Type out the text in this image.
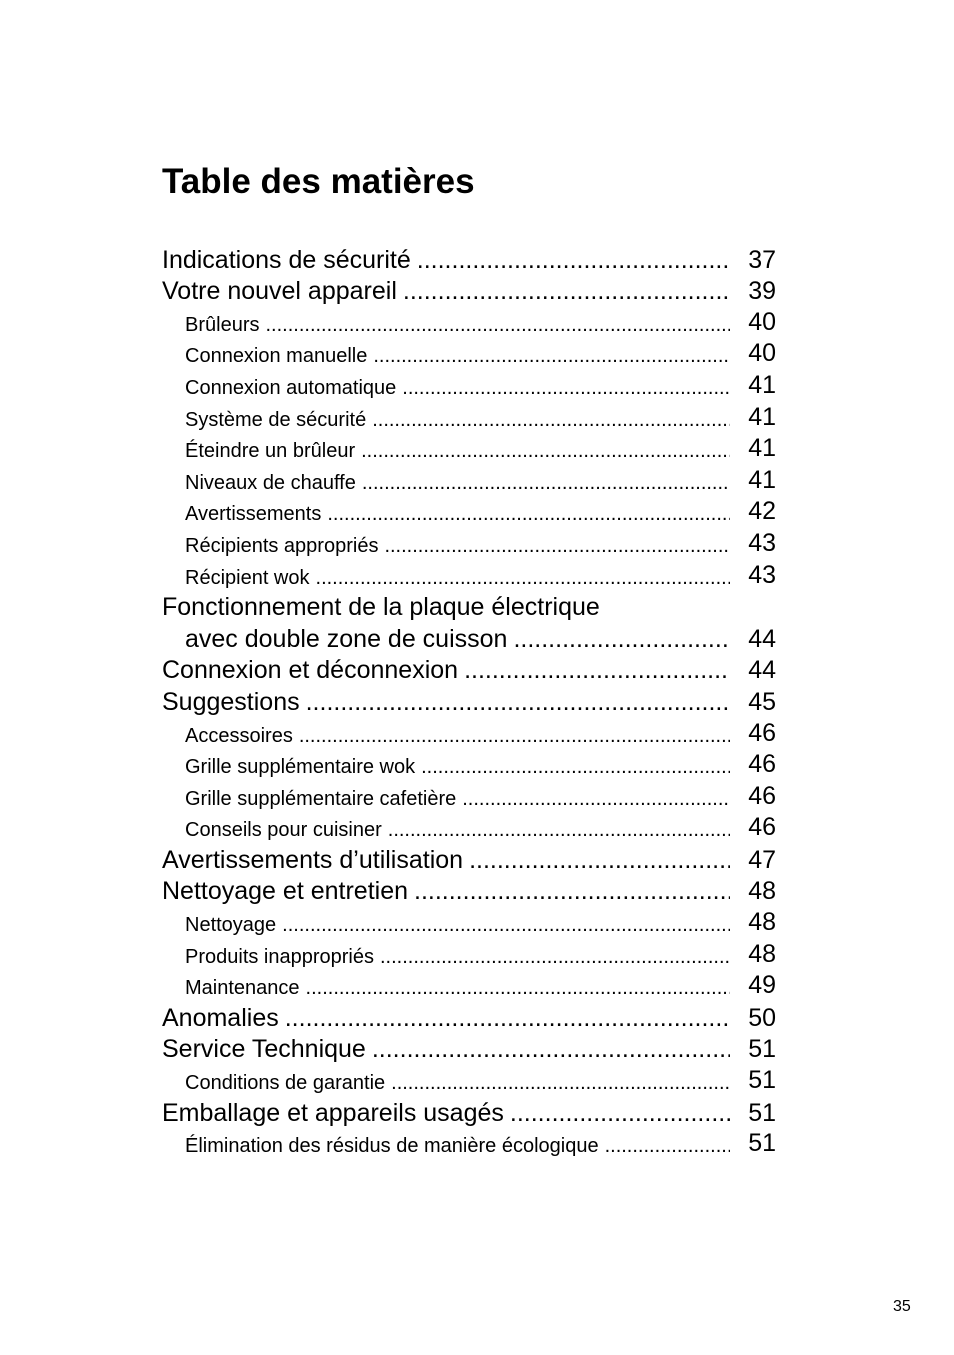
Table des matières
Indications de sécurité .....	37
Votre nouvel appareil .....	39
Brûleurs .....	40
Connexion manuelle .....	40
Connexion automatique .....	41
Système de sécurité .....	41
Éteindre un brûleur .....	41
Niveaux de chauffe .....	41
Avertissements .....	42
Récipients appropriés .....	43
Récipient wok .....	43
Fonctionnement de la plaque électrique
avec double zone de cuisson .....	44
Connexion et déconnexion .....	44
Suggestions .....	45
Accessoires .....	46
Grille supplémentaire wok .....	46
Grille supplémentaire cafetière .....	46
Conseils pour cuisiner .....	46
Avertissements d’utilisation .....	47
Nettoyage et entretien .....	48
Nettoyage .....	48
Produits inappropriés .....	48
Maintenance .....	49
Anomalies .....	50
Service Technique .....	51
Conditions de garantie .....	51
Emballage et appareils usagés .....	51
Élimination des résidus de manière écologique .....	51
35
